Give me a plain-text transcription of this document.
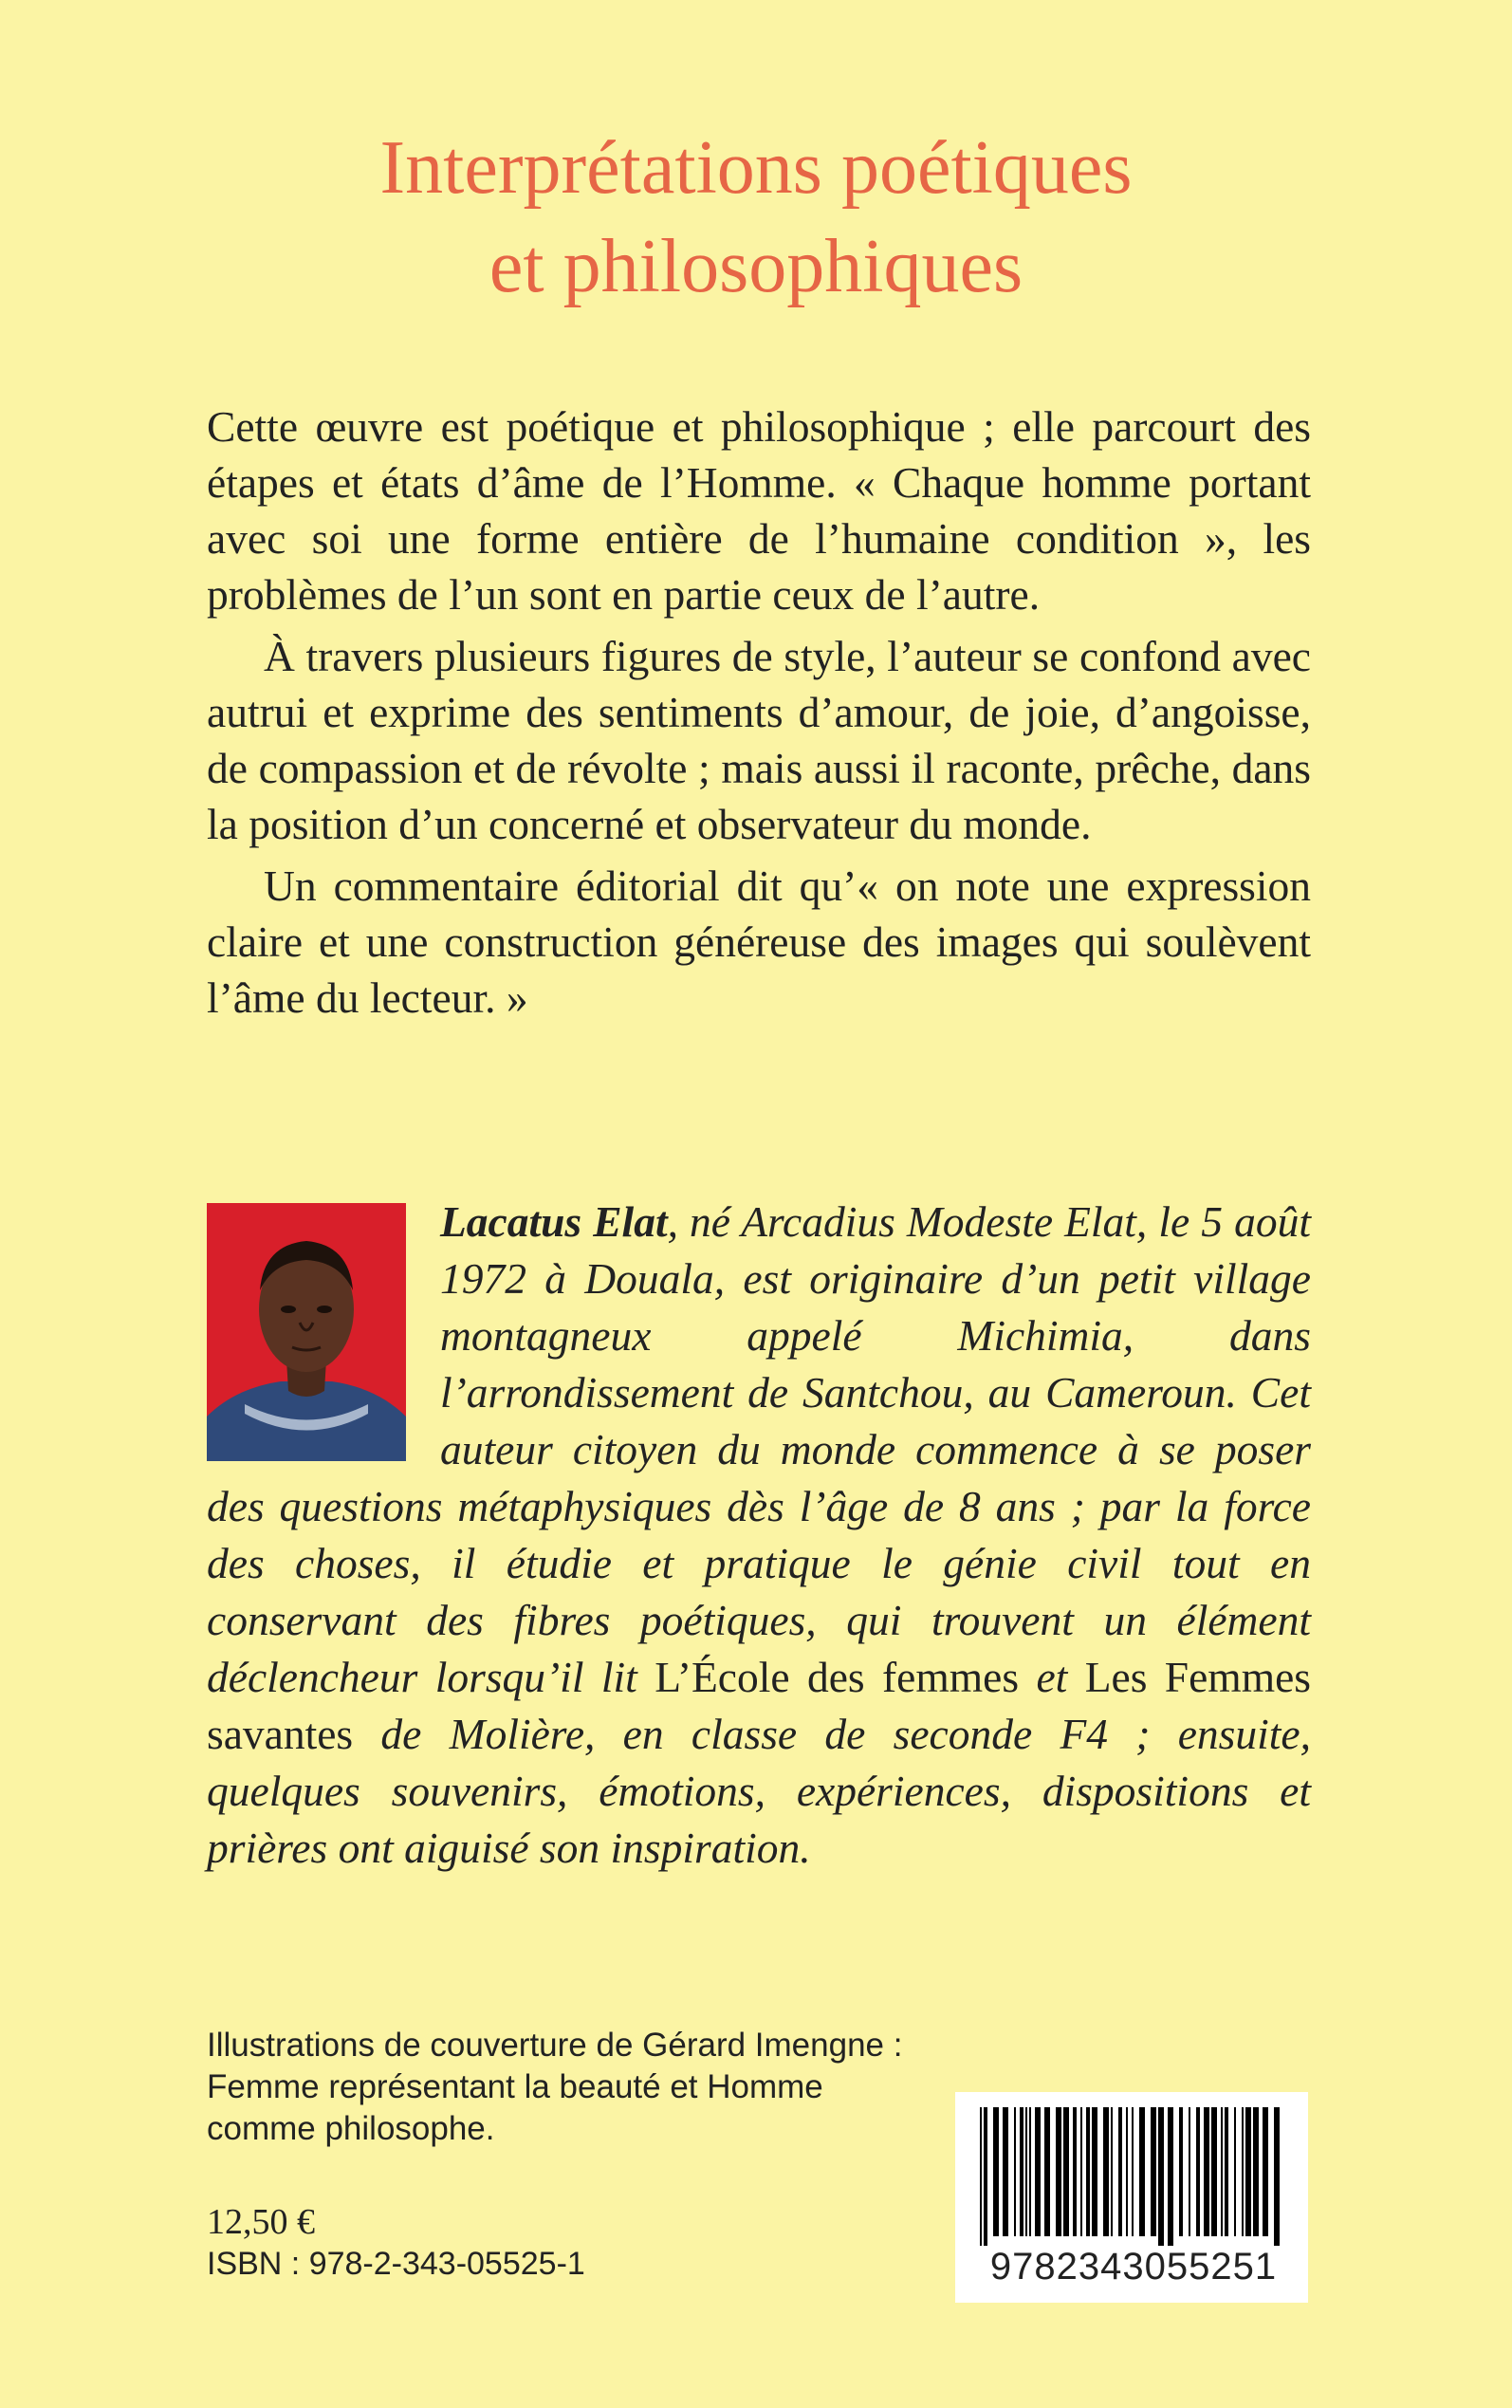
Interprétations poétiques
et philosophiques

Cette œuvre est poétique et philosophique ; elle parcourt des étapes et états d’âme de l’Homme. « Chaque homme portant avec soi une forme entière de l’humaine condition », les problèmes de l’un sont en partie ceux de l’autre.

À travers plusieurs figures de style, l’auteur se confond avec autrui et exprime des sentiments d’amour, de joie, d’angoisse, de compassion et de révolte ; mais aussi il raconte, prêche, dans la position d’un concerné et observateur du monde.

Un commentaire éditorial dit qu’« on note une expression claire et une construction généreuse des images qui soulèvent l’âme du lecteur. »

Lacatus Elat, né Arcadius Modeste Elat, le 5 août 1972 à Douala, est originaire d’un petit village montagneux appelé Michimia, dans l’arrondissement de Santchou, au Cameroun. Cet auteur citoyen du monde commence à se poser des questions métaphysiques dès l’âge de 8 ans ; par la force des choses, il étudie et pratique le génie civil tout en conservant des fibres poétiques, qui trouvent un élément déclencheur lorsqu’il lit L’École des femmes et Les Femmes savantes de Molière, en classe de seconde F4 ; ensuite, quelques souvenirs, émotions, expériences, dispositions et prières ont aiguisé son inspiration.
Illustrations de couverture de Gérard Imengne :
Femme représentant la beauté et Homme
comme philosophe.
12,50 €
ISBN : 978-2-343-05525-1	9782343055251
